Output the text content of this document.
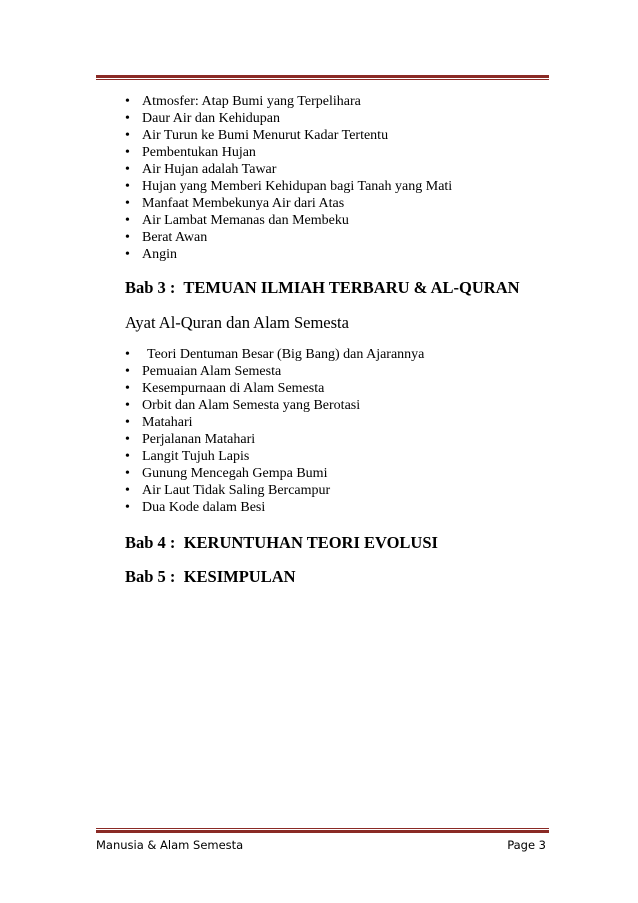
• Atmosfer: Atap Bumi yang Terpelihara
• Daur Air dan Kehidupan
• Air Turun ke Bumi Menurut Kadar Tertentu
• Pembentukan Hujan
• Air Hujan adalah Tawar
• Hujan yang Memberi Kehidupan bagi Tanah yang Mati
• Manfaat Membekunya Air dari Atas
• Air Lambat Memanas dan Membeku
• Berat Awan
• Angin

Bab 3 : TEMUAN ILMIAH TERBARU & AL-QURAN

Ayat Al-Quran dan Alam Semesta

• Teori Dentuman Besar (Big Bang) dan Ajarannya
• Pemuaian Alam Semesta
• Kesempurnaan di Alam Semesta
• Orbit dan Alam Semesta yang Berotasi
• Matahari
• Perjalanan Matahari
• Langit Tujuh Lapis
• Gunung Mencegah Gempa Bumi
• Air Laut Tidak Saling Bercampur
• Dua Kode dalam Besi

Bab 4 : KERUNTUHAN TEORI EVOLUSI

Bab 5 : KESIMPULAN

Manusia & Alam Semesta	Page 3
